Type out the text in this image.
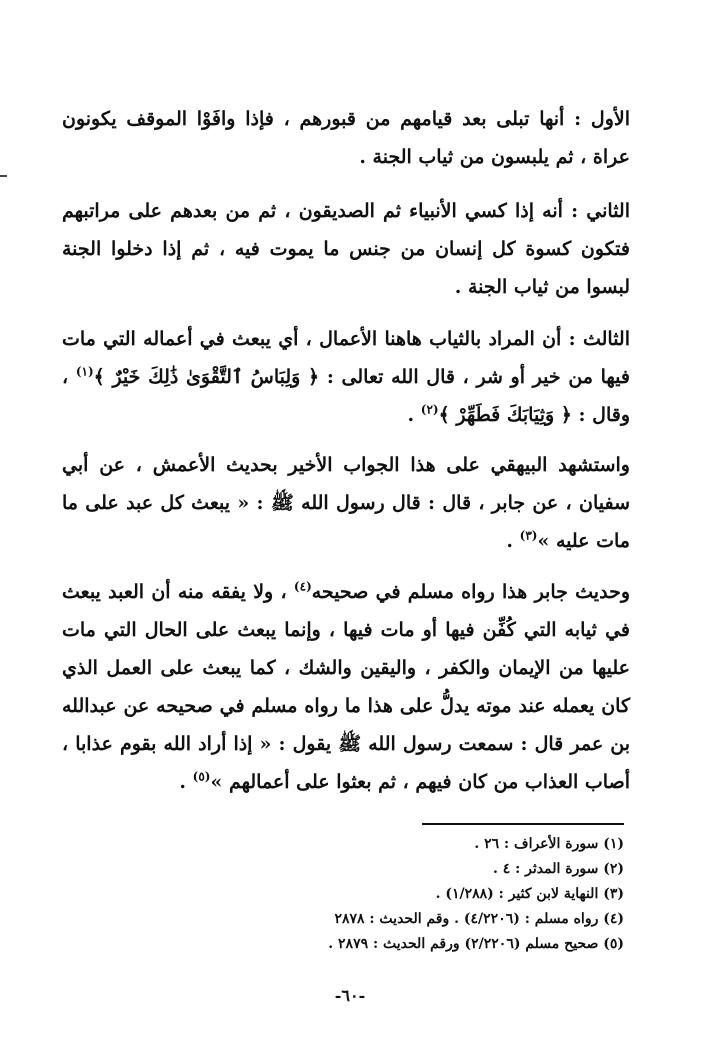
الأول : أنها تبلى بعد قيامهم من قبورهم ، فإذا وافَوْا الموقف يكونون عراة ، ثم يلبسون من ثياب الجنة .

الثاني : أنه إذا كسي الأنبياء ثم الصديقون ، ثم من بعدهم على مراتبهم فتكون كسوة كل إنسان من جنس ما يموت فيه ، ثم إذا دخلوا الجنة لبسوا من ثياب الجنة .

الثالث : أن المراد بالثياب هاهنا الأعمال ، أي يبعث في أعماله التي مات فيها من خير أو شر ، قال الله تعالى : ﴿ وَلِبَاسُ ٱلتَّقْوَىٰ ذَٰلِكَ خَيْرٌ ﴾$^{(١)}$ ، وقال : ﴿ وَثِيَابَكَ فَطَهِّرْ ﴾$^{(٢)}$ .

واستشهد البيهقي على هذا الجواب الأخير بحديث الأعمش ، عن أبي سفيان ، عن جابر ، قال : قال رسول الله ﷺ : « يبعث كل عبد على ما مات عليه »$^{(٣)}$ .

وحديث جابر هذا رواه مسلم في صحيحه$^{(٤)}$ ، ولا يفقه منه أن العبد يبعث في ثيابه التي كُفِّن فيها أو مات فيها ، وإنما يبعث على الحال التي مات عليها من الإيمان والكفر ، واليقين والشك ، كما يبعث على العمل الذي كان يعمله عند موته يدلُّ على هذا ما رواه مسلم في صحيحه عن عبدالله بن عمر قال : سمعت رسول الله ﷺ يقول : « إذا أراد الله بقوم عذابا ، أصاب العذاب من كان فيهم ، ثم بعثوا على أعمالهم »$^{(٥)}$ .

(١) سورة الأعراف : ٢٦ .
(٢) سورة المدثر : ٤ .
(٣) النهاية لابن كثير : (١/٢٨٨) .
(٤) رواه مسلم : (٤/٢٢٠٦) . وقم الحديث : ٢٨٧٨
(٥) صحيح مسلم (٢/٢٢٠٦) ورقم الحديث : ٢٨٧٩ .
-٦٠-
